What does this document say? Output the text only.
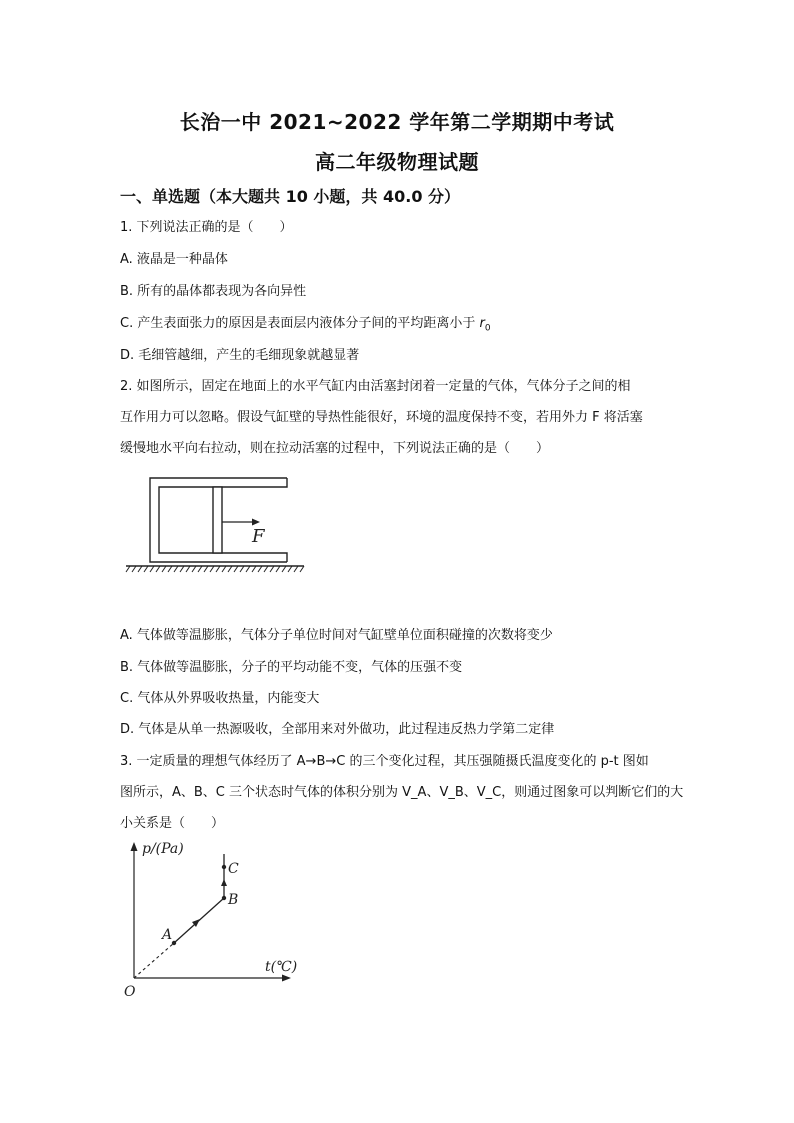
长治一中 2021~2022 学年第二学期期中考试
高二年级物理试题
一、单选题（本大题共 10 小题，共 40.0 分）
1. 下列说法正确的是（　　）
A. 液晶是一种晶体
B. 所有的晶体都表现为各向异性
C. 产生表面张力的原因是表面层内液体分子间的平均距离小于 $r_0$
D. 毛细管越细，产生的毛细现象就越显著
2. 如图所示，固定在地面上的水平气缸内由活塞封闭着一定量的气体，气体分子之间的相
互作用力可以忽略。假设气缸壁的导热性能很好，环境的温度保持不变，若用外力 F 将活塞
缓慢地水平向右拉动，则在拉动活塞的过程中，下列说法正确的是（　　）
F
A. 气体做等温膨胀，气体分子单位时间对气缸壁单位面积碰撞的次数将变少
B. 气体做等温膨胀，分子的平均动能不变，气体的压强不变
C. 气体从外界吸收热量，内能变大
D. 气体是从单一热源吸收，全部用来对外做功，此过程违反热力学第二定律
3. 一定质量的理想气体经历了 A→B→C 的三个变化过程，其压强随摄氏温度变化的 p-t 图如
图所示，A、B、C 三个状态时气体的体积分别为 V_A、V_B、V_C，则通过图象可以判断它们的大
小关系是（　　）
p/(Pa)
t(℃)
O
A
B
C
